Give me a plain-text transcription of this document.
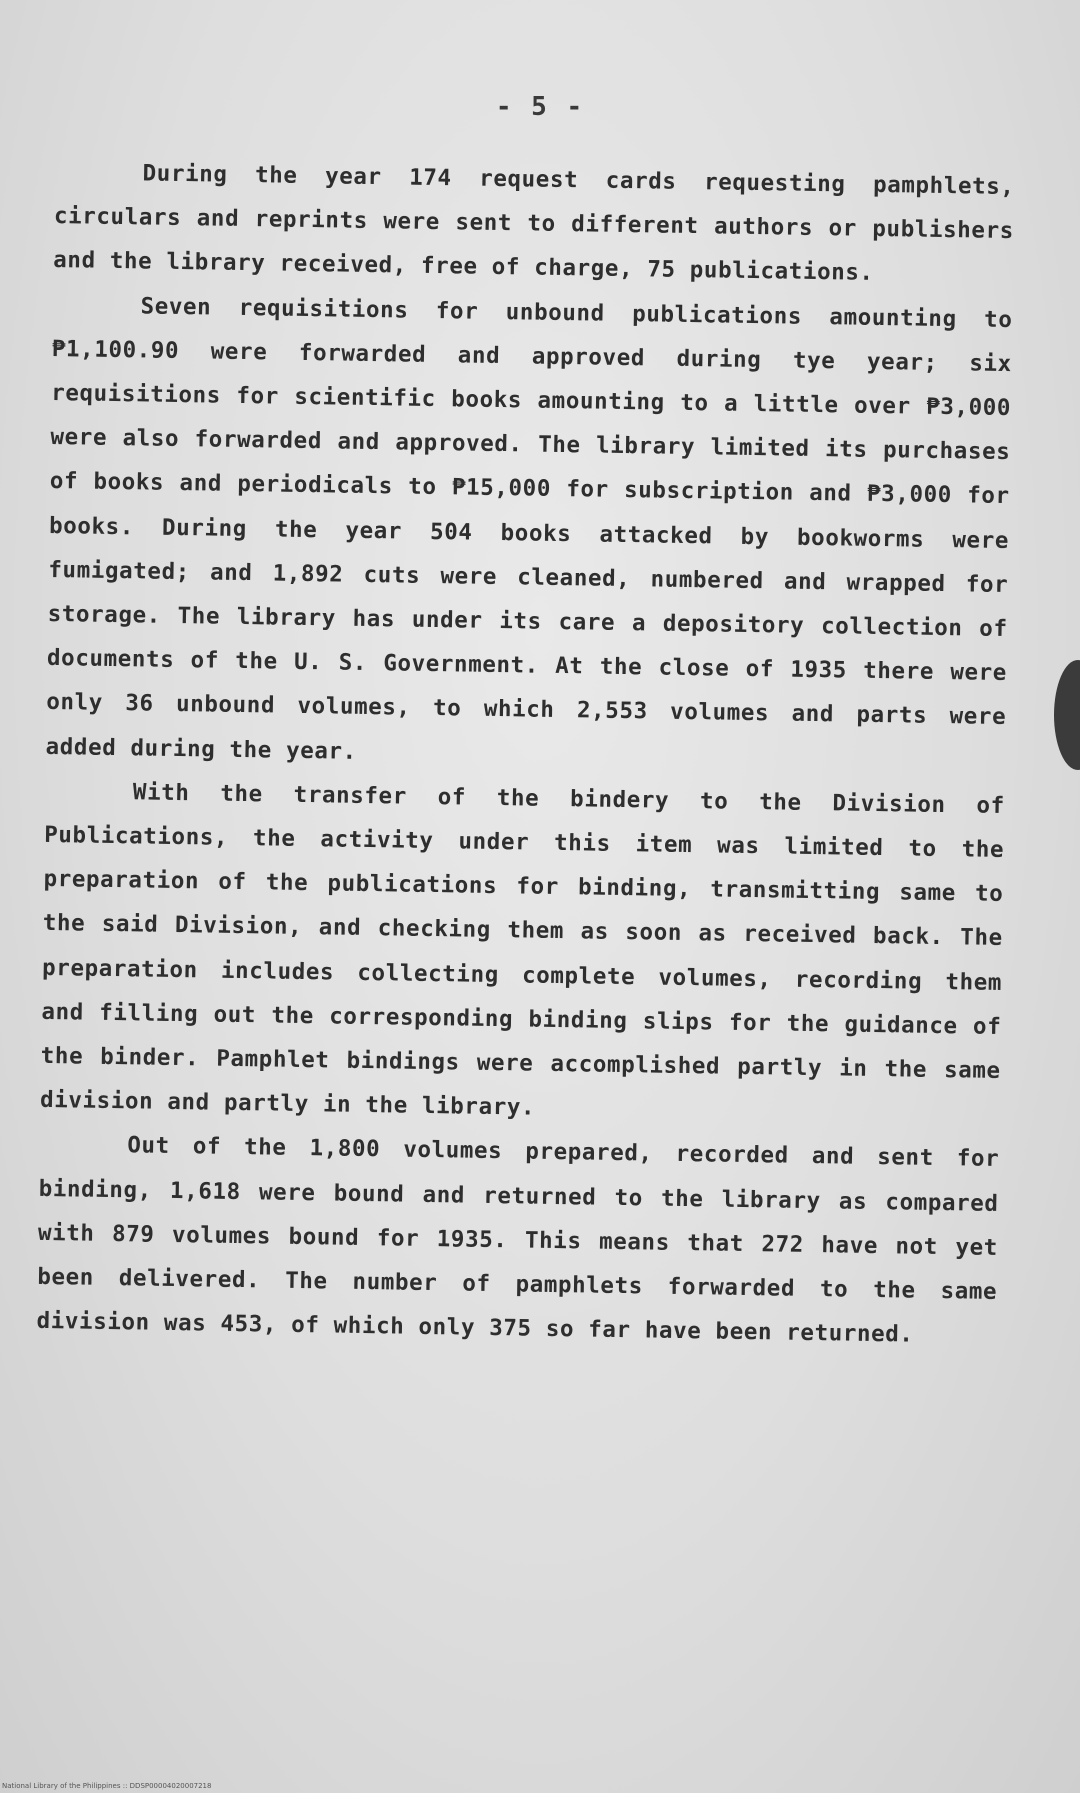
- 5 -

During the year 174 request cards requesting pamphlets, circulars and reprints were sent to different authors or publishers and the library received, free of charge, 75 publications.

Seven requisitions for unbound publications amounting to ₱1,100.90 were forwarded and approved during tye year; six requisitions for scientific books amounting to a little over ₱3,000 were also forwarded and approved. The library limited its purchases of books and periodicals to ₱15,000 for subscription and ₱3,000 for books. During the year 504 books attacked by bookworms were fumigated; and 1,892 cuts were cleaned, numbered and wrapped for storage. The library has under its care a depository collection of documents of the U. S. Government. At the close of 1935 there were only 36 unbound volumes, to which 2,553 volumes and parts were added during the year.

With the transfer of the bindery to the Division of Publications, the activity under this item was limited to the preparation of the publications for binding, transmitting same to the said Division, and checking them as soon as received back. The preparation includes collecting complete volumes, recording them and filling out the corresponding binding slips for the guidance of the binder. Pamphlet bindings were accomplished partly in the same division and partly in the library.

Out of the 1,800 volumes prepared, recorded and sent for binding, 1,618 were bound and returned to the library as compared with 879 volumes bound for 1935. This means that 272 have not yet been delivered. The number of pamphlets forwarded to the same division was 453, of which only 375 so far have been returned.

National Library of the Philippines :: DDSP00004020007218
